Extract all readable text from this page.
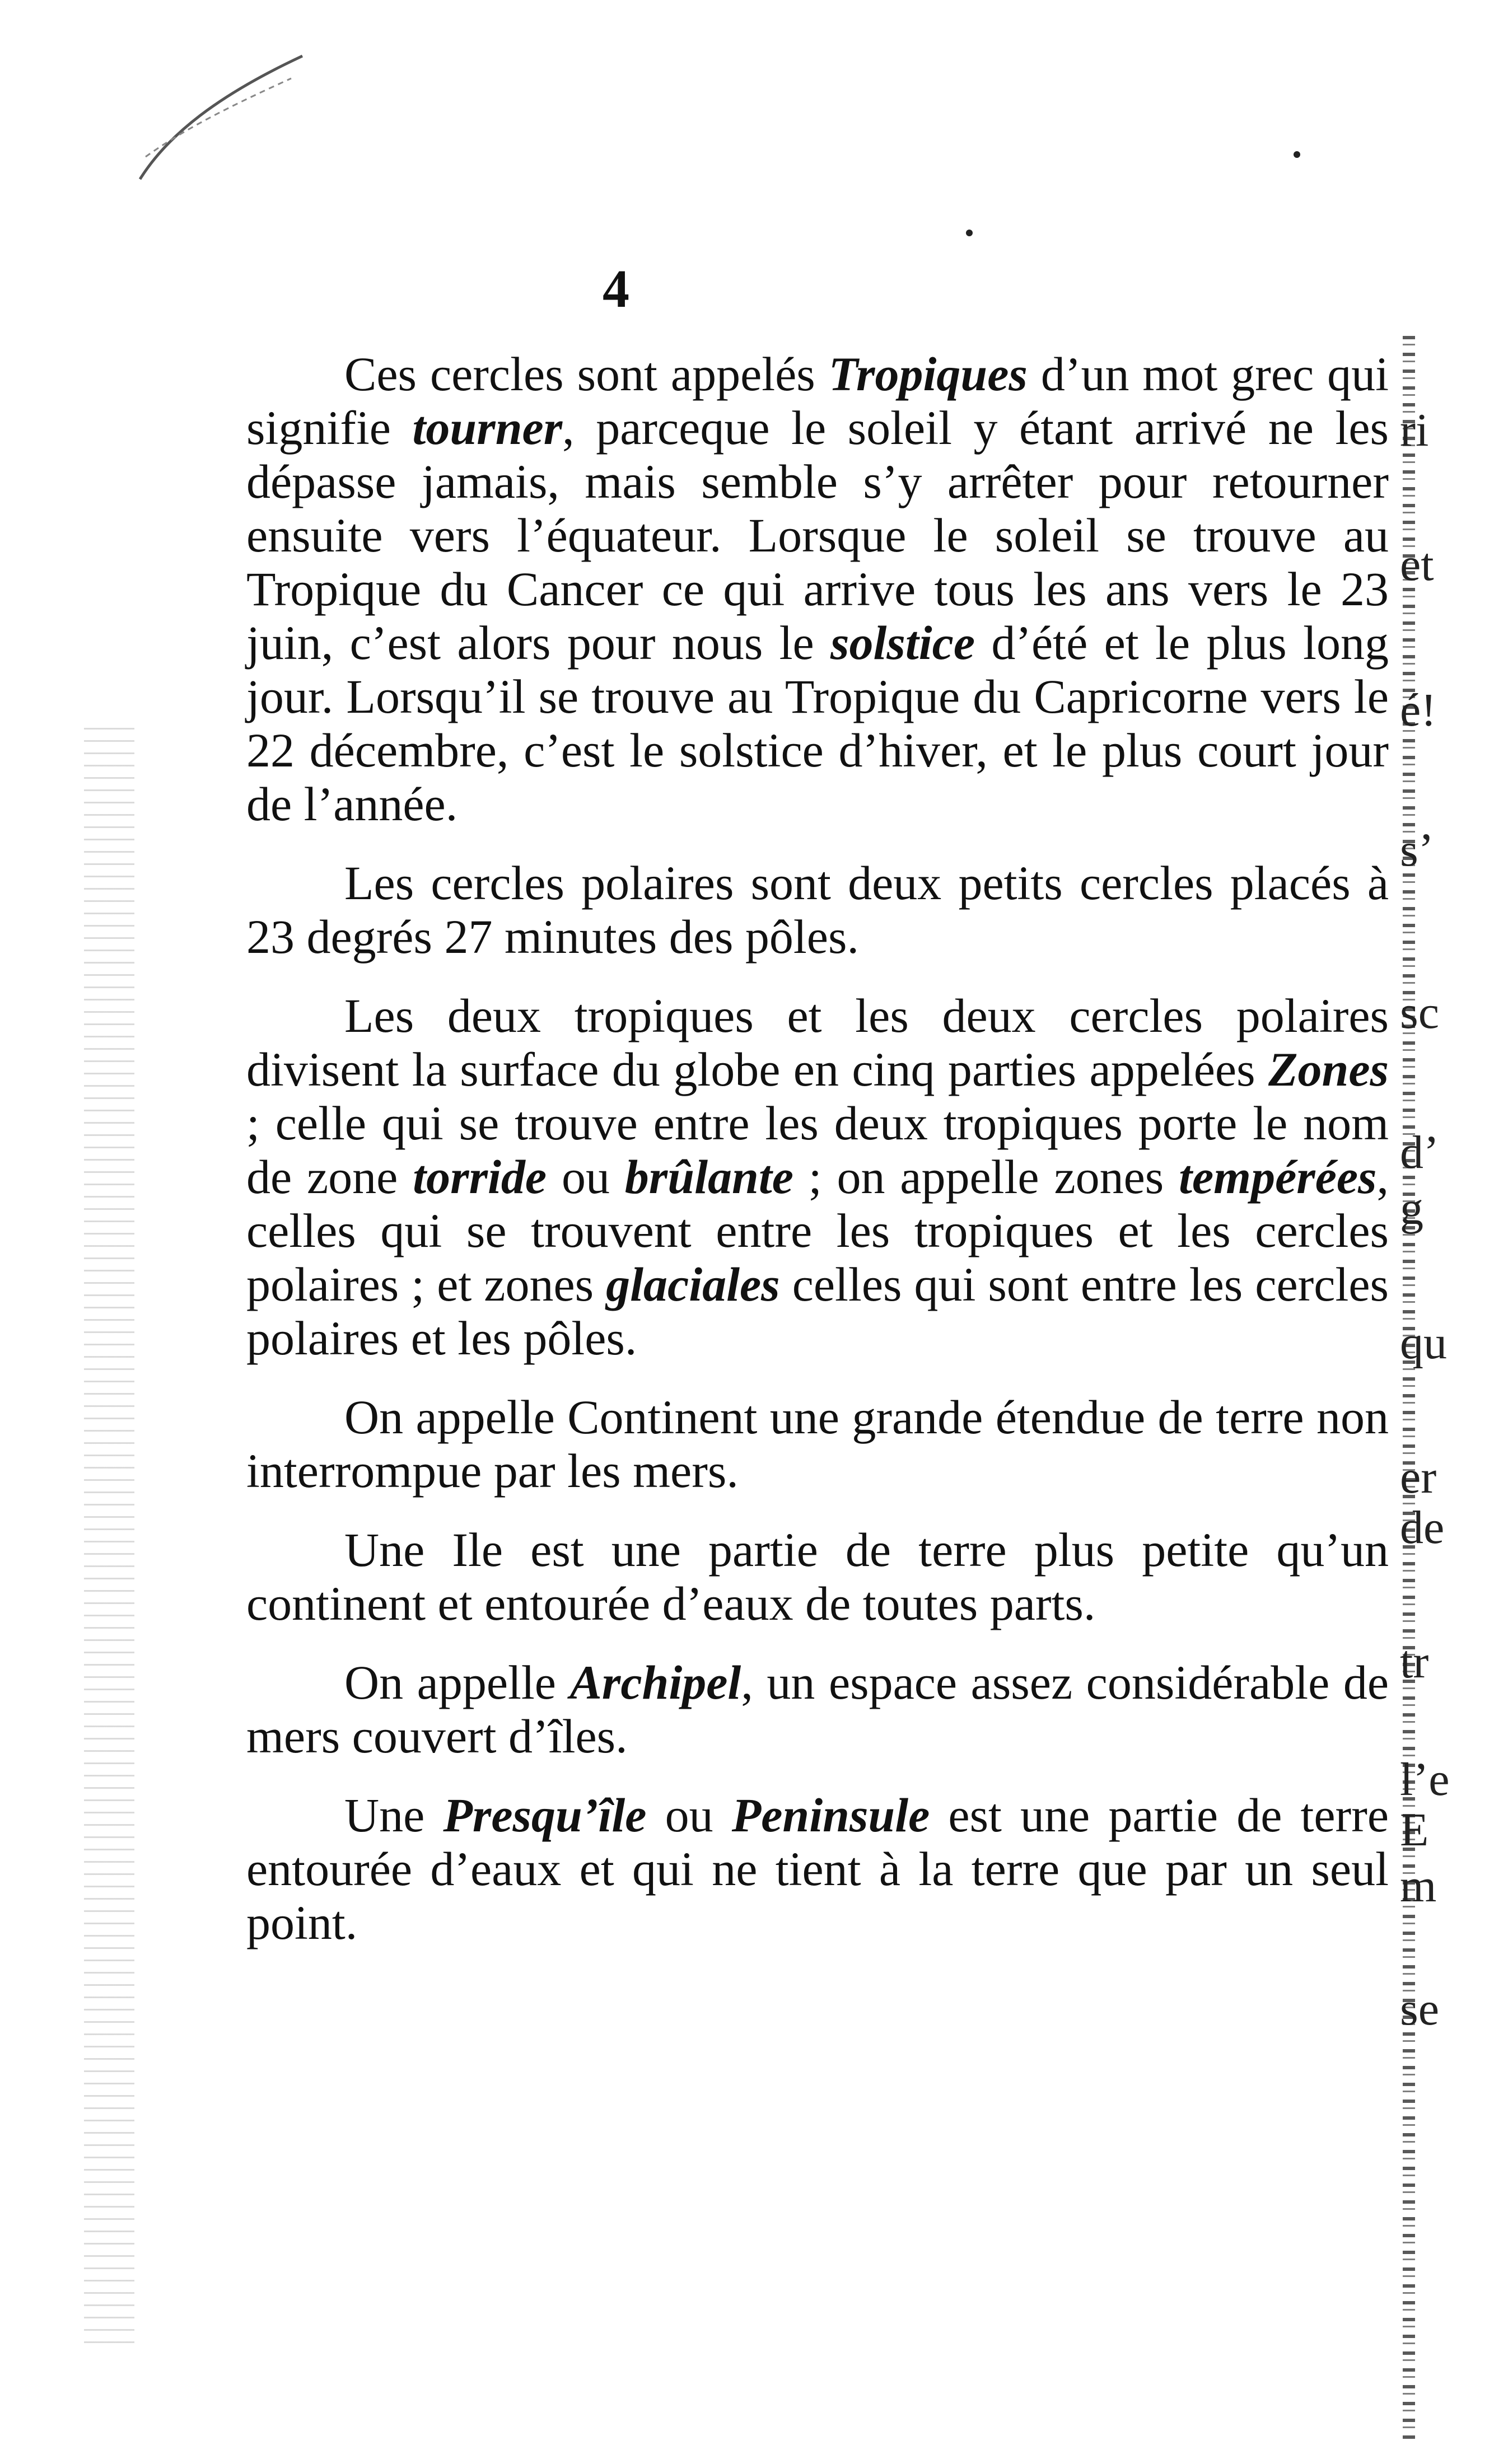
4

Ces cercles sont appelés Tropiques d’un mot grec qui signifie tourner, parceque le soleil y étant arrivé ne les dépasse jamais, mais semble s’y arrêter pour retourner ensuite vers l’équateur. Lorsque le soleil se trouve au Tropique du Cancer ce qui arrive tous les ans vers le 23 juin, c’est alors pour nous le solstice d’été et le plus long jour. Lorsqu’il se trouve au Tropique du Capricorne vers le 22 décembre, c’est le solstice d’hiver, et le plus court jour de l’année.

Les cercles polaires sont deux petits cercles placés à 23 degrés 27 minutes des pôles.

Les deux tropiques et les deux cercles polaires divisent la surface du globe en cinq parties appelées Zones ; celle qui se trouve entre les deux tropiques porte le nom de zone torride ou brûlante ; on appelle zones tempérées, celles qui se trouvent entre les tropiques et les cercles polaires ; et zones glaciales celles qui sont entre les cercles polaires et les pôles.

On appelle Continent une grande étendue de terre non interrompue par les mers.

Une Ile est une partie de terre plus petite qu’un continent et entourée d’eaux de toutes parts.

On appelle Archipel, un espace assez considérable de mers couvert d’îles.

Une Presqu’île ou Peninsule est une partie de terre entourée d’eaux et qui ne tient à la terre que par un seul point.

ri
et
é!
s’
sc
d’
g
qu
er
de
tr
l’e
E
m
se
